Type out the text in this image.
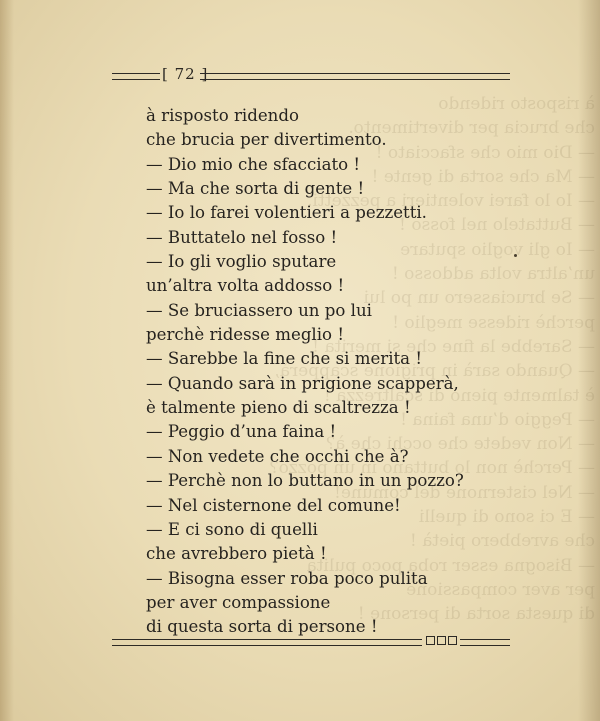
à risposto ridendo
che brucia per divertimento.
— Dio mio che sfacciato !
— Ma che sorta di gente !
— Io lo farei volentieri a pezzetti.
— Buttatelo nel fosso !
— Io gli voglio sputare
un’altra volta addosso !
— Se bruciassero un po lui
perchè ridesse meglio !
— Sarebbe la fine che si merita !
— Quando sarà in prigione scapperà,
è talmente pieno di scaltrezza !
— Peggio d’una faina !
— Non vedete che occhi che à?
— Perchè non lo buttano in un pozzo?
— Nel cisternone del comune!
— E ci sono di quelli
che avrebbero pietà !
— Bisogna esser roba poco pulita
per aver compassione
di questa sorta di persone !
[ 72 ]
à risposto ridendo
che brucia per divertimento.
— Dio mio che sfacciato !
— Ma che sorta di gente !
— Io lo farei volentieri a pezzetti.
— Buttatelo nel fosso !
— Io gli voglio sputare
un’altra volta addosso !
— Se bruciassero un po lui
perchè ridesse meglio !
— Sarebbe la fine che si merita !
— Quando sarà in prigione scapperà,
è talmente pieno di scaltrezza !
— Peggio d’una faina !
— Non vedete che occhi che à?
— Perchè non lo buttano in un pozzo?
— Nel cisternone del comune!
— E ci sono di quelli
che avrebbero pietà !
— Bisogna esser roba poco pulita
per aver compassione
di questa sorta di persone !
